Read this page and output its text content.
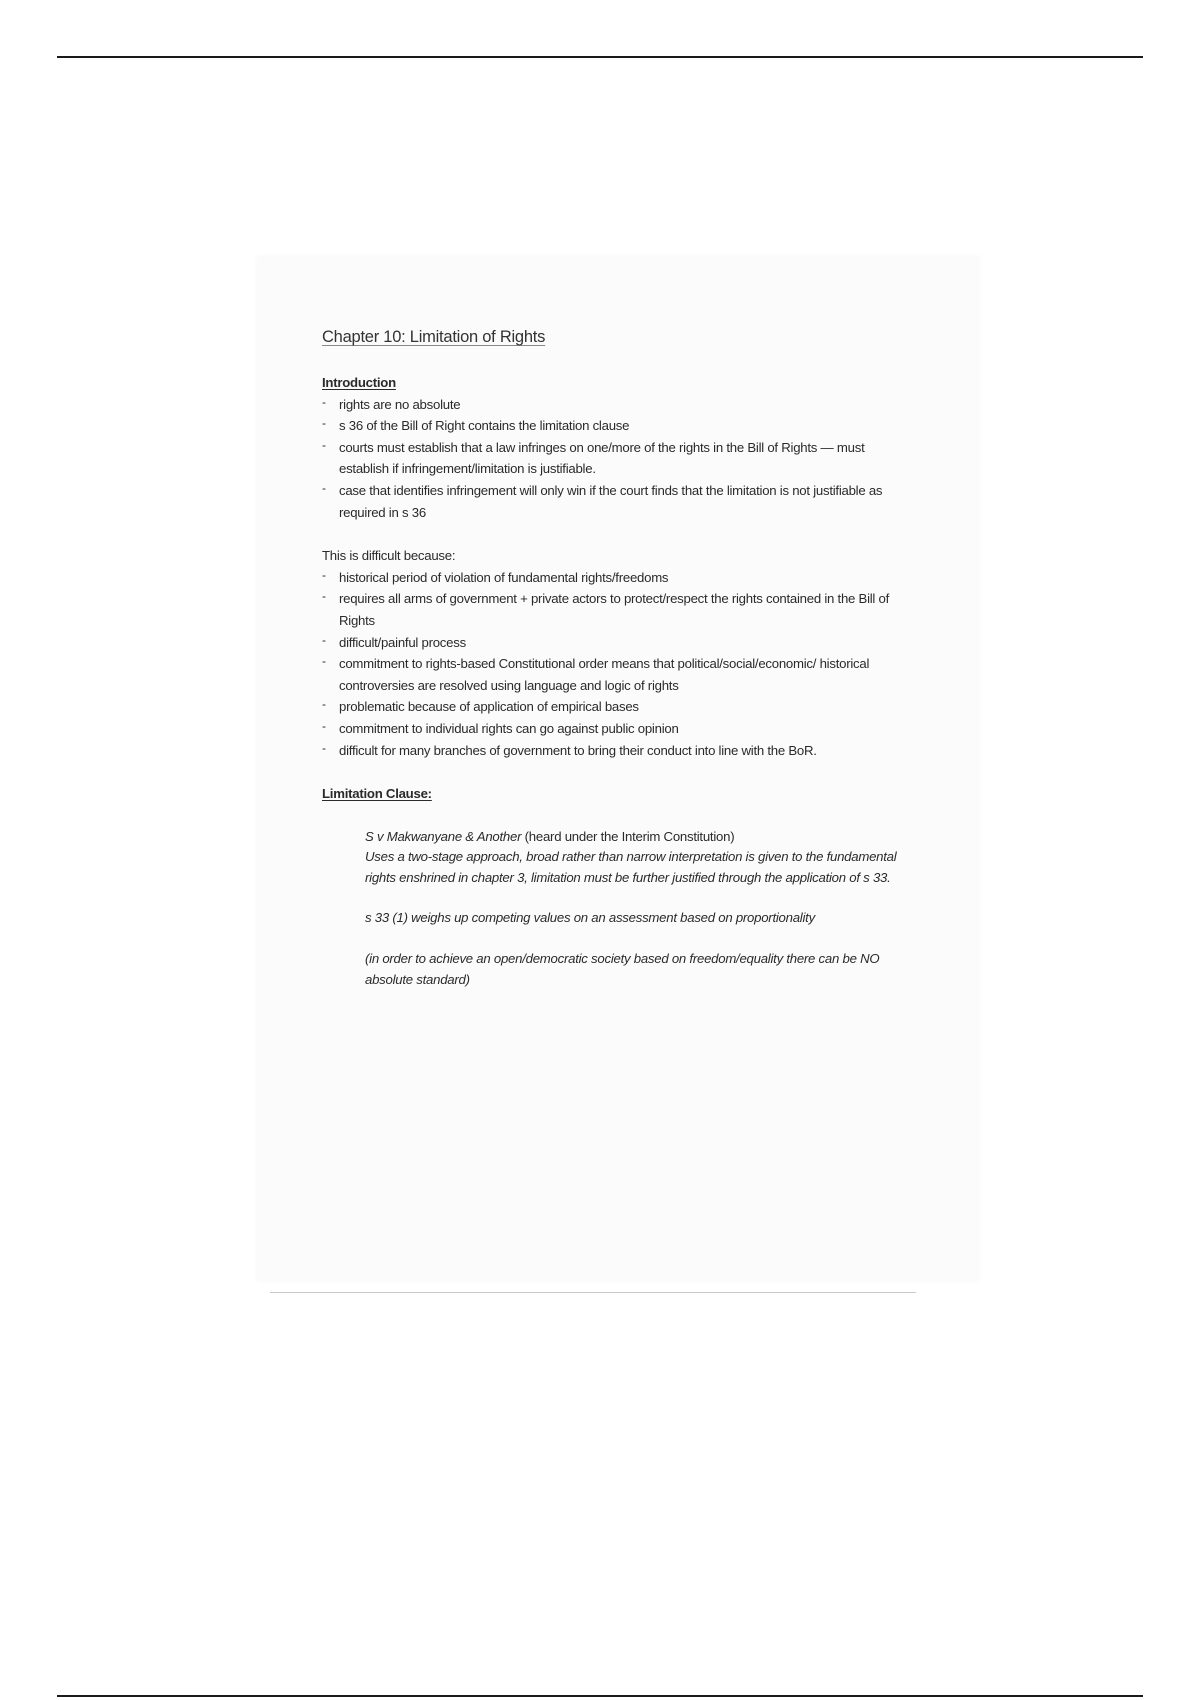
Chapter 10: Limitation of Rights
Introduction
- rights are no absolute
- s 36 of the Bill of Right contains the limitation clause
- courts must establish that a law infringes on one/more of the rights in the Bill of Rights — must establish if infringement/limitation is justifiable.
- case that identifies infringement will only win if the court finds that the limitation is not justifiable as required in s 36
This is difficult because:
- historical period of violation of fundamental rights/freedoms
- requires all arms of government + private actors to protect/respect the rights contained in the Bill of Rights
- difficult/painful process
- commitment to rights-based Constitutional order means that political/social/economic/ historical controversies are resolved using language and logic of rights
- problematic because of application of empirical bases
- commitment to individual rights can go against public opinion
- difficult for many branches of government to bring their conduct into line with the BoR.
Limitation Clause:

S v Makwanyane & Another (heard under the Interim Constitution)

Uses a two-stage approach, broad rather than narrow interpretation is given to the fundamental rights enshrined in chapter 3, limitation must be further justified through the application of s 33.

s 33 (1) weighs up competing values on an assessment based on proportionality

(in order to achieve an open/democratic society based on freedom/equality there can be NO absolute standard)
